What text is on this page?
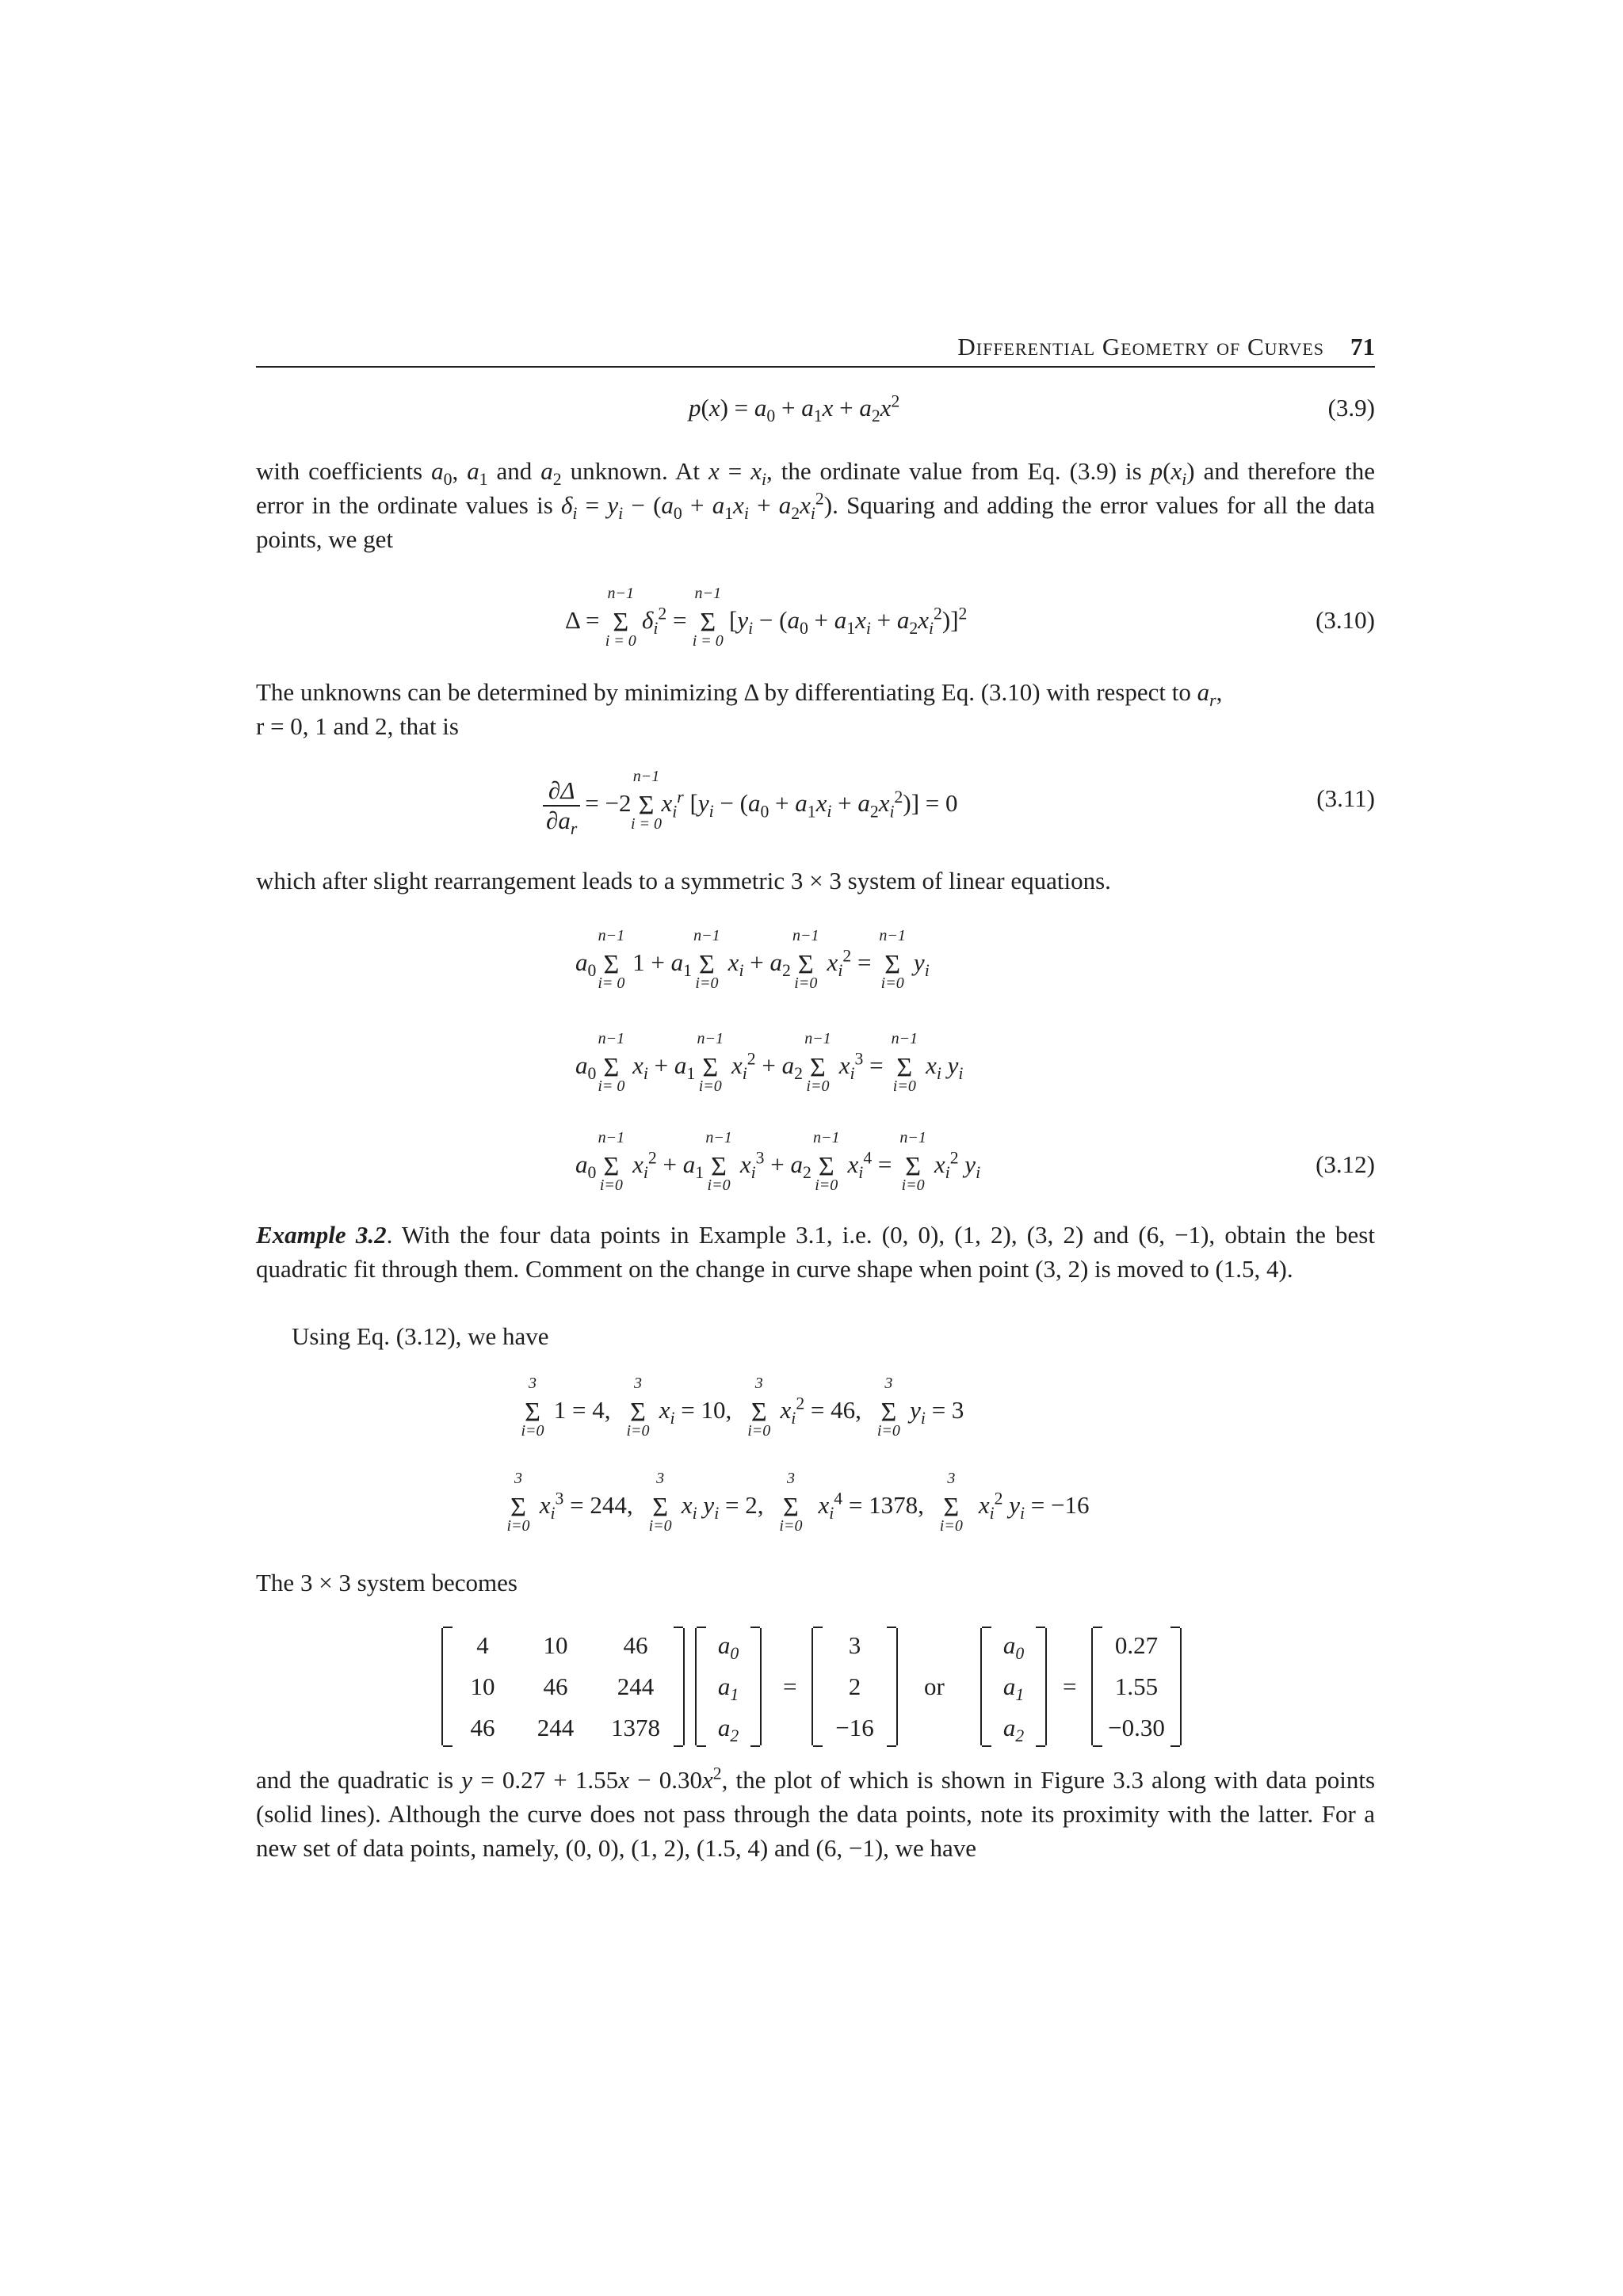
Differential Geometry of Curves 71
$p(x) = a_0 + a_1x + a_2x^2$	(3.9)
with coefficients $a_0$, $a_1$ and $a_2$ unknown. At $x = x_i$, the ordinate value from Eq. (3.9) is $p(x_i)$ and therefore the error in the ordinate values is $\delta_i = y_i - (a_0 + a_1x_i + a_2x_i^2)$. Squaring and adding the error values for all the data points, we get
Δ =
n−1
Σ
i = 0
$\delta_i^2$ =
n−1
Σ
i = 0
$[y_i - (a_0 + a_1x_i + a_2x_i^2)]^2$	(3.10)
The unknowns can be determined by minimizing Δ by differentiating Eq. (3.10) with respect to $a_r$,
r = 0, 1 and 2, that is
$\frac{\partial\Delta}{\partial a_r} = -2$
n−1
Σ
i = 0
$x_i^r$ $[y_i - (a_0 + a_1x_i + a_2x_i^2)] = 0$	(3.11)
which after slight rearrangement leads to a symmetric 3 × 3 system of linear equations.
$a_0$
n−1
Σ
i= 0
$1 + a_1$
n−1
Σ
i=0
$x_i + a_2$
n−1
Σ
i=0
$x_i^2$ =
n−1
Σ
i=0
$y_i$
$a_0$
n−1
Σ
i= 0
$x_i + a_1$
n−1
Σ
i=0
$x_i^2 + a_2$
n−1
Σ
i=0
$x_i^3$ =
n−1
Σ
i=0
$x_i$ $y_i$
$a_0$
n−1
Σ
i=0
$x_i^2 + a_1$
n−1
Σ
i=0
$x_i^3 + a_2$
n−1
Σ
i=0
$x_i^4$ =
n−1
Σ
i=0
$x_i^2$ $y_i$	(3.12)
Example 3.2. With the four data points in Example 3.1, i.e. (0, 0), (1, 2), (3, 2) and (6, −1), obtain the best quadratic fit through them. Comment on the change in curve shape when point (3, 2) is moved to (1.5, 4).
Using Eq. (3.12), we have
3
Σ
i=0
1 = 4,
3
Σ
i=0
$x_i = 10$,
3
Σ
i=0
$x_i^2 = 46$,
3
Σ
i=0
$y_i = 3$
3
Σ
i=0
$x_i^3 = 244$,
3
Σ
i=0
$x_i$ $y_i = 2$,
3
Σ
i=0
$x_i^4 = 1378$,
3
Σ
i=0
$x_i^2$ $y_i = -16$
The 3 × 3 system becomes
4	10	46
10	46	244
46	244	1378
$a_0$
$a_1$
$a_2$
=
3
2
−16
or
$a_0$
$a_1$
$a_2$
=
0.27
1.55
−0.30
and the quadratic is $y = 0.27 + 1.55x - 0.30x^2$, the plot of which is shown in Figure 3.3 along with data points (solid lines). Although the curve does not pass through the data points, note its proximity with the latter. For a new set of data points, namely, (0, 0), (1, 2), (1.5, 4) and (6, −1), we have
